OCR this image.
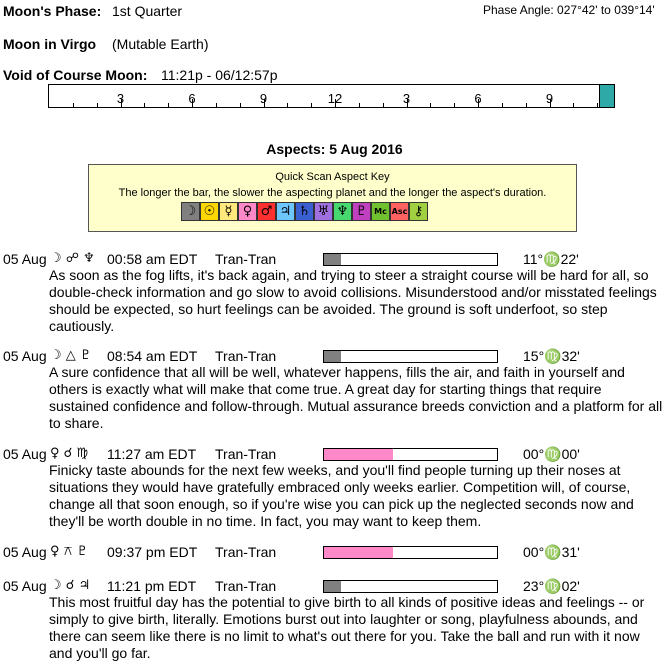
Moon's Phase: 1st Quarter	Phase Angle: 027°42' to 039°14'
Moon in Virgo (Mutable Earth)
Void of Course Moon: 11:21p - 06/12:57p
3	6	9	12	3	6	9
Aspects: 5 Aug 2016
Quick Scan Aspect Key
The longer the bar, the slower the aspecting planet and the longer the aspect's duration.
☽ ☉ ☿ ♀ ♂ ♃ ♄ ♅ ♆ ♇ Mc Asc ⚷
05 Aug ☽ ☍ ♆ 00:58 am EDT Tran-Tran	11°♍22'
As soon as the fog lifts, it's back again, and trying to steer a straight course will be hard for all, so double-check information and go slow to avoid collisions. Misunderstood and/or misstated feelings should be expected, so hurt feelings can be avoided. The ground is soft underfoot, so step cautiously.
05 Aug ☽ △ ♇ 08:54 am EDT Tran-Tran	15°♍32'
A sure confidence that all will be well, whatever happens, fills the air, and faith in yourself and others is exactly what will make that come true. A great day for starting things that require sustained confidence and follow-through. Mutual assurance breeds conviction and a platform for all to share.
05 Aug ♀ ☌ ♍ 11:27 am EDT Tran-Tran	00°♍00'
Finicky taste abounds for the next few weeks, and you'll find people turning up their noses at situations they would have gratefully embraced only weeks earlier. Competition will, of course, change all that soon enough, so if you're wise you can pick up the neglected seconds now and they'll be worth double in no time. In fact, you may want to keep them.
05 Aug ♀ ⚻ ♇ 09:37 pm EDT Tran-Tran	00°♍31'
05 Aug ☽ ☌ ♃ 11:21 pm EDT Tran-Tran	23°♍02'
This most fruitful day has the potential to give birth to all kinds of positive ideas and feelings -- or simply to give birth, literally. Emotions burst out into laughter or song, playfulness abounds, and there can seem like there is no limit to what's out there for you. Take the ball and run with it now and you'll go far.
